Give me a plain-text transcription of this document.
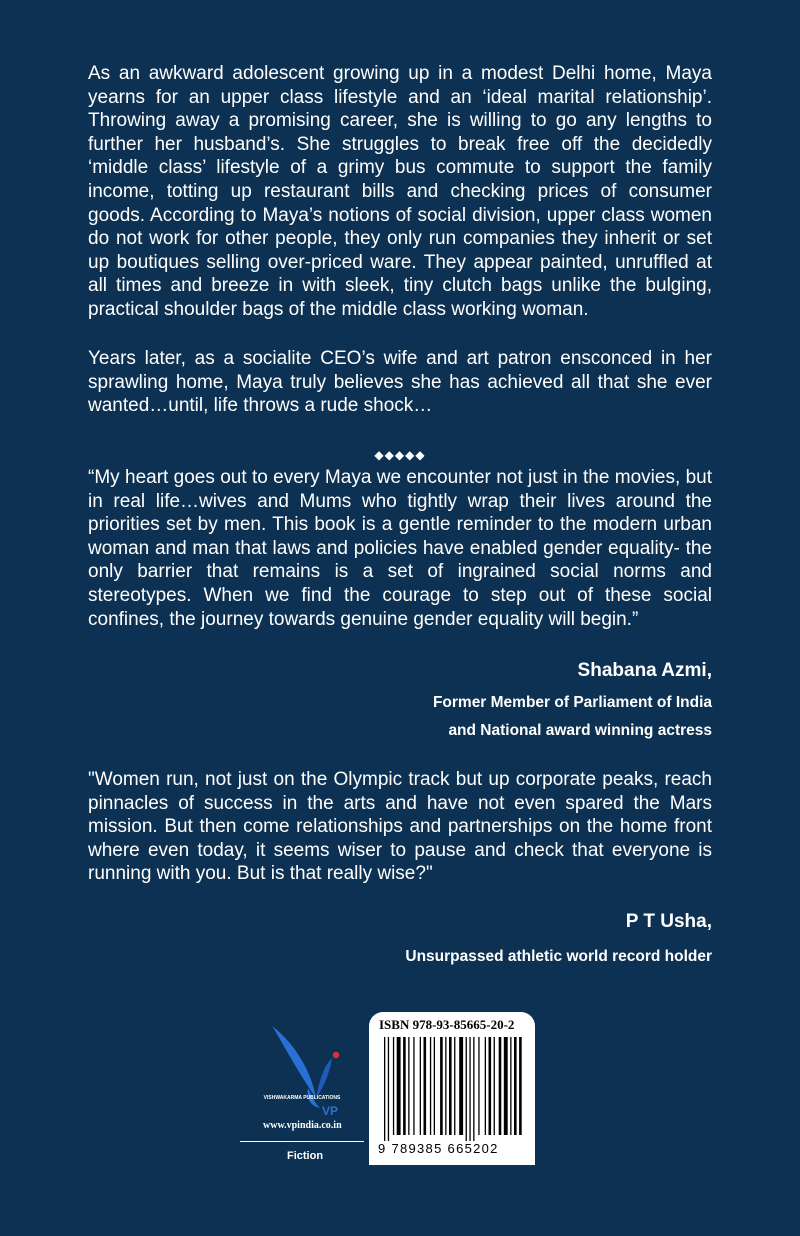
As an awkward adolescent growing up in a modest Delhi home, Maya yearns for an upper class lifestyle and an ‘ideal marital relationship’. Throwing away a promising career, she is willing to go any lengths to further her husband’s. She struggles to break free off the decidedly ‘middle class’ lifestyle of a grimy bus commute to support the family income, totting up restaurant bills and checking prices of consumer goods. According to Maya’s notions of social division, upper class women do not work for other people, they only run companies they inherit or set up boutiques selling over-priced ware. They appear painted, unruffled at all times and breeze in with sleek, tiny clutch bags unlike the bulging, practical shoulder bags of the middle class working woman.

Years later, as a socialite CEO’s wife and art patron ensconced in her sprawling home, Maya truly believes she has achieved all that she ever wanted…until, life throws a rude shock…

◆◆◆◆◆

“My heart goes out to every Maya we encounter not just in the movies, but in real life…wives and Mums who tightly wrap their lives around the priorities set by men. This book is a gentle reminder to the modern urban woman and man that laws and policies have enabled gender equality- the only barrier that remains is a set of ingrained social norms and stereotypes. When we find the courage to step out of these social confines, the journey towards genuine gender equality will begin.”

Shabana Azmi,
Former Member of Parliament of India
and National award winning actress

"Women run, not just on the Olympic track but up corporate peaks, reach pinnacles of success in the arts and have not even spared the Mars mission. But then come relationships and partnerships on the home front where even today, it seems wiser to pause and check that everyone is running with you. But is that really wise?"

P T Usha,
Unsurpassed athletic world record holder
VP
VISHWAKARMA PUBLICATIONS
www.vpindia.co.in
Fiction
ISBN 978-93-85665-20-2
9 789385 665202
